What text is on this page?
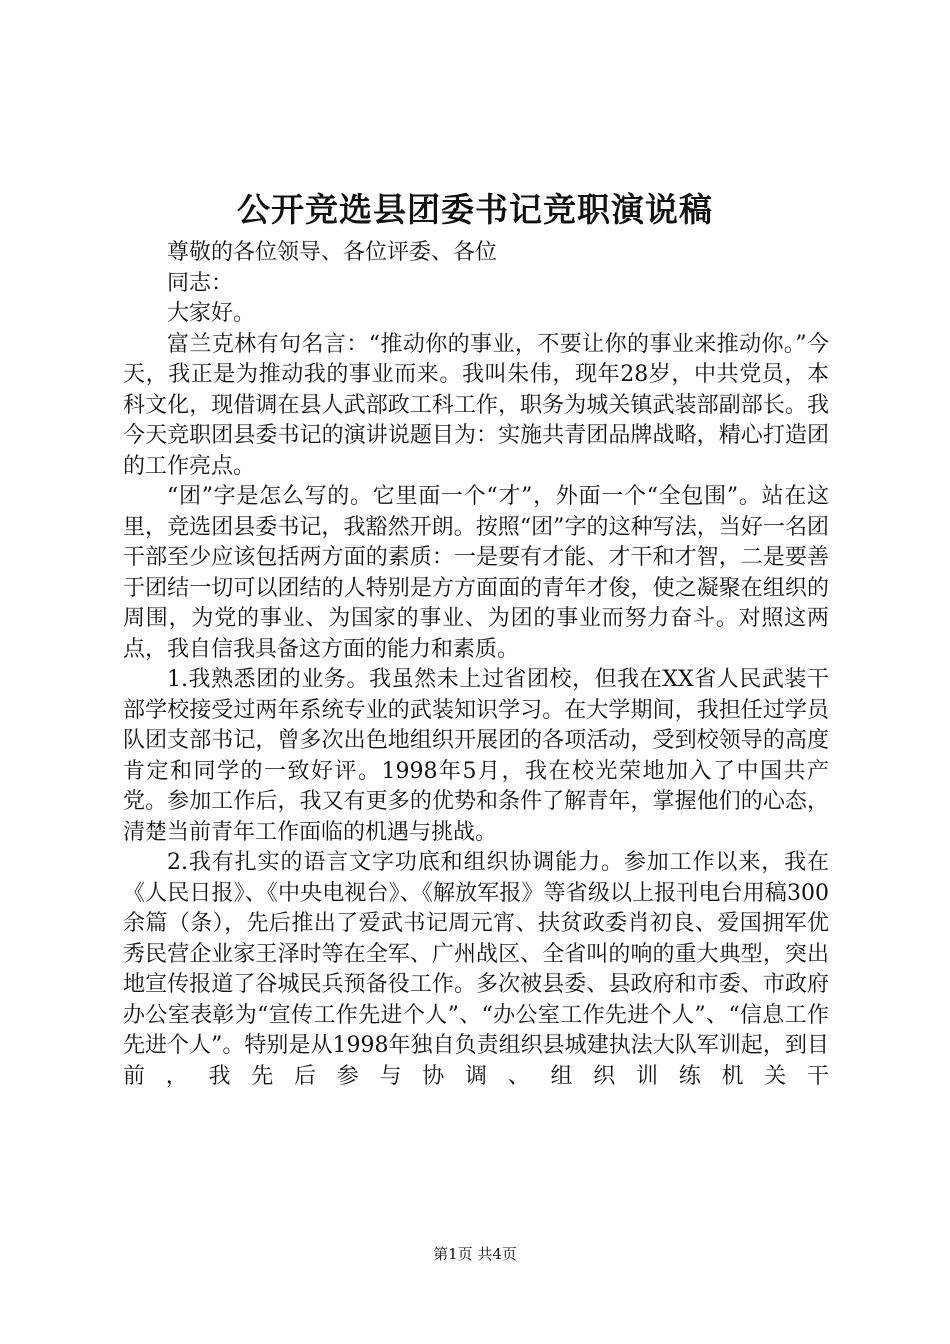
公开竞选县团委书记竞职演说稿

尊敬的各位领导、各位评委、各位

同志：

大家好。

富兰克林有句名言：“推动你的事业，不要让你的事业来推动你。”今天，我正是为推动我的事业而来。我叫朱伟，现年28岁，中共党员，本科文化，现借调在县人武部政工科工作，职务为城关镇武装部副部长。我今天竞职团县委书记的演讲说题目为：实施共青团品牌战略，精心打造团的工作亮点。

“团”字是怎么写的。它里面一个“才”，外面一个“全包围”。站在这里，竞选团县委书记，我豁然开朗。按照“团”字的这种写法，当好一名团干部至少应该包括两方面的素质：一是要有才能、才干和才智，二是要善于团结一切可以团结的人特别是方方面面的青年才俊，使之凝聚在组织的周围，为党的事业、为国家的事业、为团的事业而努力奋斗。对照这两点，我自信我具备这方面的能力和素质。

1.我熟悉团的业务。我虽然未上过省团校，但我在XX省人民武装干部学校接受过两年系统专业的武装知识学习。在大学期间，我担任过学员队团支部书记，曾多次出色地组织开展团的各项活动，受到校领导的高度肯定和同学的一致好评。1998年5月，我在校光荣地加入了中国共产党。参加工作后，我又有更多的优势和条件了解青年，掌握他们的心态，清楚当前青年工作面临的机遇与挑战。

2.我有扎实的语言文字功底和组织协调能力。参加工作以来，我在《人民日报》、《中央电视台》、《解放军报》等省级以上报刊电台用稿300余篇（条），先后推出了爱武书记周元宵、扶贫政委肖初良、爱国拥军优秀民营企业家王泽时等在全军、广州战区、全省叫的响的重大典型，突出地宣传报道了谷城民兵预备役工作。多次被县委、县政府和市委、市政府办公室表彰为“宣传工作先进个人”、“办公室工作先进个人”、“信息工作先进个人”。特别是从1998年独自负责组织县城建执法大队军训起，到目前，我先后参与协调、组织训练机关干

第1页 共4页
